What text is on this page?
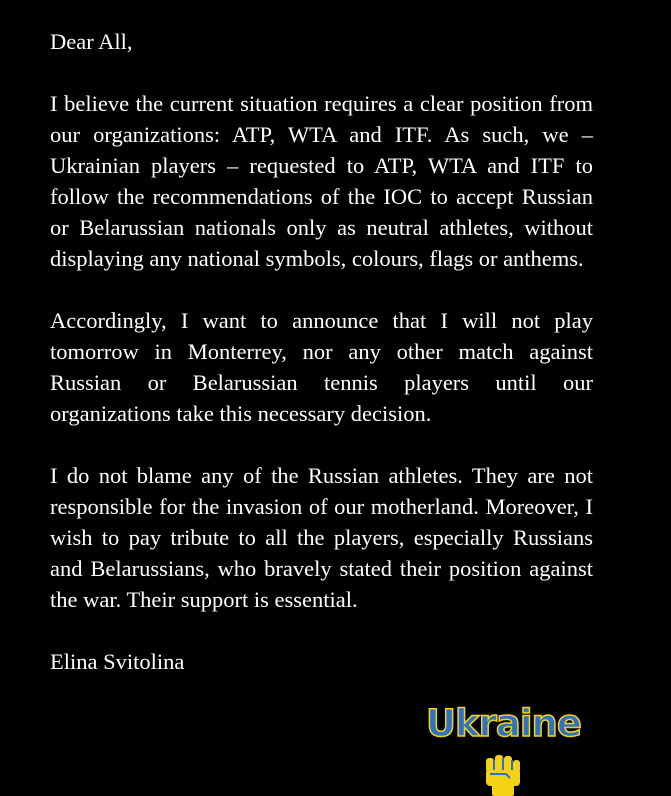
Dear All,

I believe the current situation requires a clear position from our organizations: ATP, WTA and ITF. As such, we – Ukrainian players – requested to ATP, WTA and ITF to follow the recommendations of the IOC to accept Russian or Belarussian nationals only as neutral athletes, without displaying any national symbols, colours, flags or anthems.

Accordingly, I want to announce that I will not play tomorrow in Monterrey, nor any other match against Russian or Belarussian tennis players until our organizations take this necessary decision.

I do not blame any of the Russian athletes. They are not responsible for the invasion of our motherland. Moreover, I wish to pay tribute to all the players, especially Russians and Belarussians, who bravely stated their position against the war. Their support is essential.

Elina Svitolina

Ukraine
